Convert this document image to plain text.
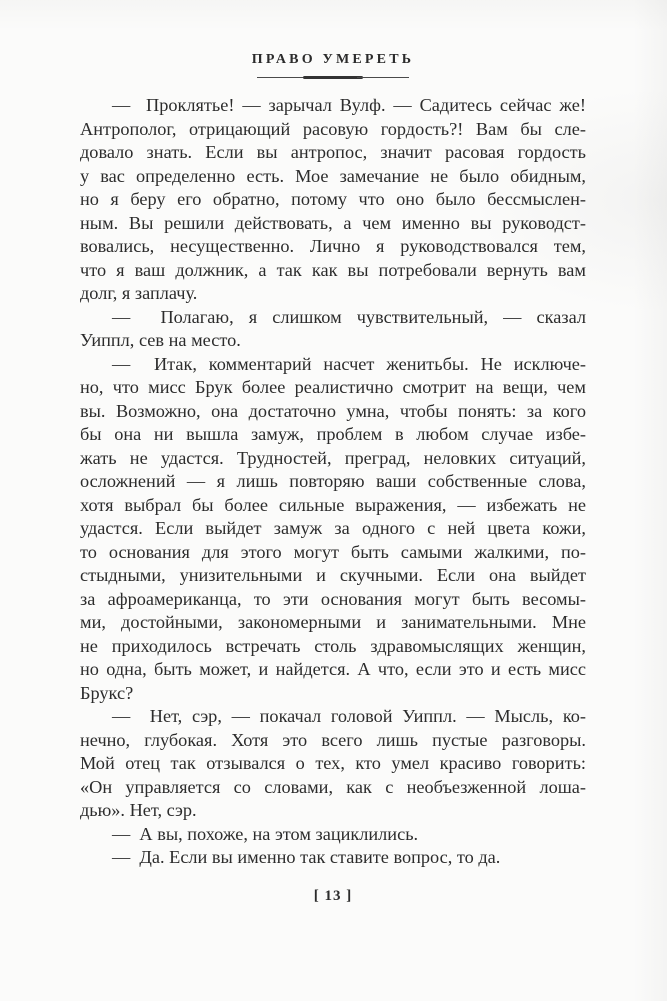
ПРАВО УМЕРЕТЬ
—  Проклятье! — зарычал Вулф. — Садитесь сейчас же!
Антрополог, отрицающий расовую гордость?! Вам бы сле-
довало знать. Если вы антропос, значит расовая гордость
у вас определенно есть. Мое замечание не было обидным,
но я беру его обратно, потому что оно было бессмыслен-
ным. Вы решили действовать, а чем именно вы руководст-
вовались, несущественно. Лично я руководствовался тем,
что я ваш должник, а так как вы потребовали вернуть вам
долг, я заплачу.
—  Полагаю, я слишком чувствительный, — сказал
Уиппл, сев на место.
—  Итак, комментарий насчет женитьбы. Не исключе-
но, что мисс Брук более реалистично смотрит на вещи, чем
вы. Возможно, она достаточно умна, чтобы понять: за кого
бы она ни вышла замуж, проблем в любом случае избе-
жать не удастся. Трудностей, преград, неловких ситуаций,
осложнений — я лишь повторяю ваши собственные слова,
хотя выбрал бы более сильные выражения, — избежать не
удастся. Если выйдет замуж за одного с ней цвета кожи,
то основания для этого могут быть самыми жалкими, по-
стыдными, унизительными и скучными. Если она выйдет
за афроамериканца, то эти основания могут быть весомы-
ми, достойными, закономерными и занимательными. Мне
не приходилось встречать столь здравомыслящих женщин,
но одна, быть может, и найдется. А что, если это и есть мисс
Брукс?
—  Нет, сэр, — покачал головой Уиппл. — Мысль, ко-
нечно, глубокая. Хотя это всего лишь пустые разговоры.
Мой отец так отзывался о тех, кто умел красиво говорить:
«Он управляется со словами, как с необъезженной лоша-
дью». Нет, сэр.
—  А вы, похоже, на этом зациклились.
—  Да. Если вы именно так ставите вопрос, то да.
[ 13 ]
